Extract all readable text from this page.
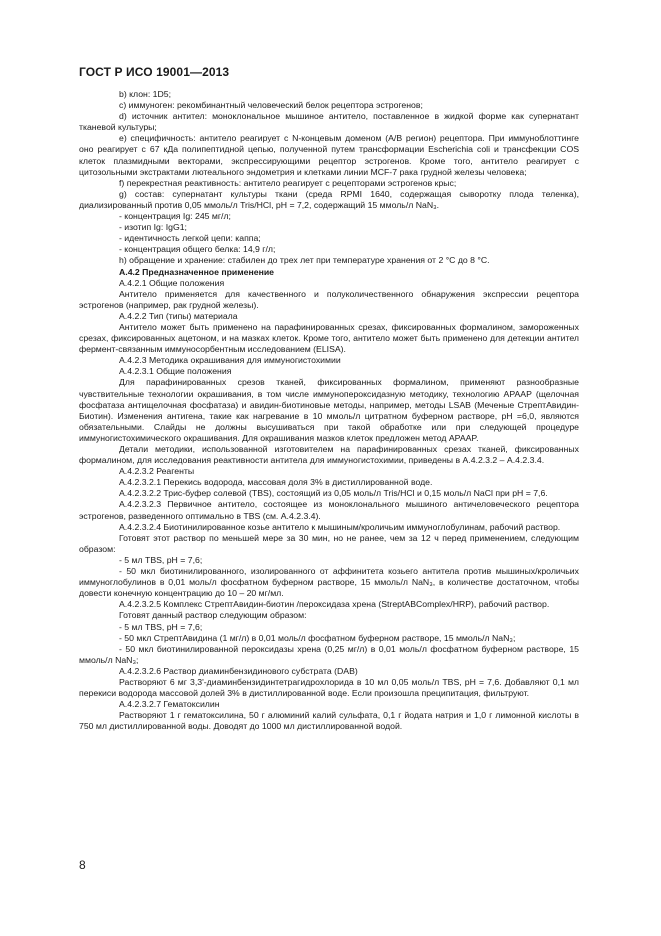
ГОСТ Р ИСО 19001—2013

b) клон: 1D5;

c) иммуноген: рекомбинантный человеческий белок рецептора эстрогенов;

d) источник антител: моноклональное мышиное антитело, поставленное в жидкой форме как супернатант тканевой культуры;

e) специфичность: антитело реагирует с N-концевым доменом (A/B регион) рецептора. При иммуноблоттинге оно реагирует с 67 кДа полипептидной цепью, полученной путем трансформации Escherichia coli и трансфекции COS клеток плазмидными векторами, экспрессирующими рецептор эстрогенов. Кроме того, антитело реагирует с цитозольными экстрактами лютеального эндометрия и клетками линии MCF-7 рака грудной железы человека;

f) перекрестная реактивность: антитело реагирует с рецепторами эстрогенов крыс;

g) состав: супернатант культуры ткани (среда RPMI 1640, содержащая сыворотку плода теленка), диализированный против 0,05 ммоль/л Tris/HCl, pH = 7,2, содержащий 15 ммоль/л NaN₃.

- концентрация Ig: 245 мг/л;

- изотип Ig: IgG1;

- идентичность легкой цепи: каппа;

- концентрация общего белка: 14,9 г/л;

h) обращение и хранение: стабилен до трех лет при температуре хранения от 2 °С до 8 °С.

А.4.2 Предназначенное применение

А.4.2.1 Общие положения

Антитело применяется для качественного и полуколичественного обнаружения экспрессии рецептора эстрогенов (например, рак грудной железы).

А.4.2.2 Тип (типы) материала

Антитело может быть применено на парафинированных срезах, фиксированных формалином, замороженных срезах, фиксированных ацетоном, и на мазках клеток. Кроме того, антитело может быть применено для детекции антител фермент-связанным иммуносорбентным исследованием (ELISA).

А.4.2.3 Методика окрашивания для иммуногистохимии

А.4.2.3.1 Общие положения

Для парафинированных срезов тканей, фиксированных формалином, применяют разнообразные чувствительные технологии окрашивания, в том числе иммунопероксидазную методику, технологию APAAP (щелочная фосфатаза антищелочная фосфатаза) и авидин-биотиновые методы, например, методы LSAB (Меченые СтрептАвидин-Биотин). Изменения антигена, такие как нагревание в 10 ммоль/л цитратном буферном растворе, pH =6,0, являются обязательными. Слайды не должны высушиваться при такой обработке или при следующей процедуре иммуногистохимического окрашивания. Для окрашивания мазков клеток предложен метод APAAP.

Детали методики, использованной изготовителем на парафинированных срезах тканей, фиксированных формалином, для исследования реактивности антитела для иммуногистохимии, приведены в А.4.2.3.2 – А.4.2.3.4.

А.4.2.3.2 Реагенты

А.4.2.3.2.1 Перекись водорода, массовая доля 3% в дистиллированной воде.

А.4.2.3.2.2 Трис-буфер солевой (TBS), состоящий из 0,05 моль/л Tris/HCl и 0,15 моль/л NaCl при pH = 7,6.

А.4.2.3.2.3 Первичное антитело, состоящее из моноклонального мышиного античеловеческого рецептора эстрогенов, разведенного оптимально в TBS (см. А.4.2.3.4).

А.4.2.3.2.4 Биотинилированное козье антитело к мышиным/кроличьим иммуноглобулинам, рабочий раствор.

Готовят этот раствор по меньшей мере за 30 мин, но не ранее, чем за 12 ч перед применением, следующим образом:

- 5 мл TBS, pH = 7,6;

- 50 мкл биотинилированного, изолированного от аффинитета козьего антитела против мышиных/кроличьих иммуноглобулинов в 0,01 моль/л фосфатном буферном растворе, 15 ммоль/л NaN₃, в количестве достаточном, чтобы довести конечную концентрацию до 10 – 20 мг/мл.

А.4.2.3.2.5 Комплекс СтрептАвидин-биотин /пероксидаза хрена (StreptABComplex/HRP), рабочий раствор.

Готовят данный раствор следующим образом:

- 5 мл TBS, pH = 7,6;

- 50 мкл СтрептАвидина (1 мг/л) в 0,01 моль/л фосфатном буферном растворе, 15 ммоль/л NaN₃;

- 50 мкл биотинилированной пероксидазы хрена (0,25 мг/л) в 0,01 моль/л фосфатном буферном растворе, 15 ммоль/л NaN₃;

А.4.2.3.2.6 Раствор диаминбензидинового субстрата (DAB)

Растворяют 6 мг 3,3'-диаминбензидинтетрагидрохлорида в 10 мл 0,05 моль/л TBS, pH = 7,6. Добавляют 0,1 мл перекиси водорода массовой долей 3% в дистиллированной воде. Если произошла преципитация, фильтруют.

А.4.2.3.2.7 Гематоксилин

Растворяют 1 г гематоксилина, 50 г алюминий калий сульфата, 0,1 г йодата натрия и 1,0 г лимонной кислоты в 750 мл дистиллированной воды. Доводят до 1000 мл дистиллированной водой.

8
